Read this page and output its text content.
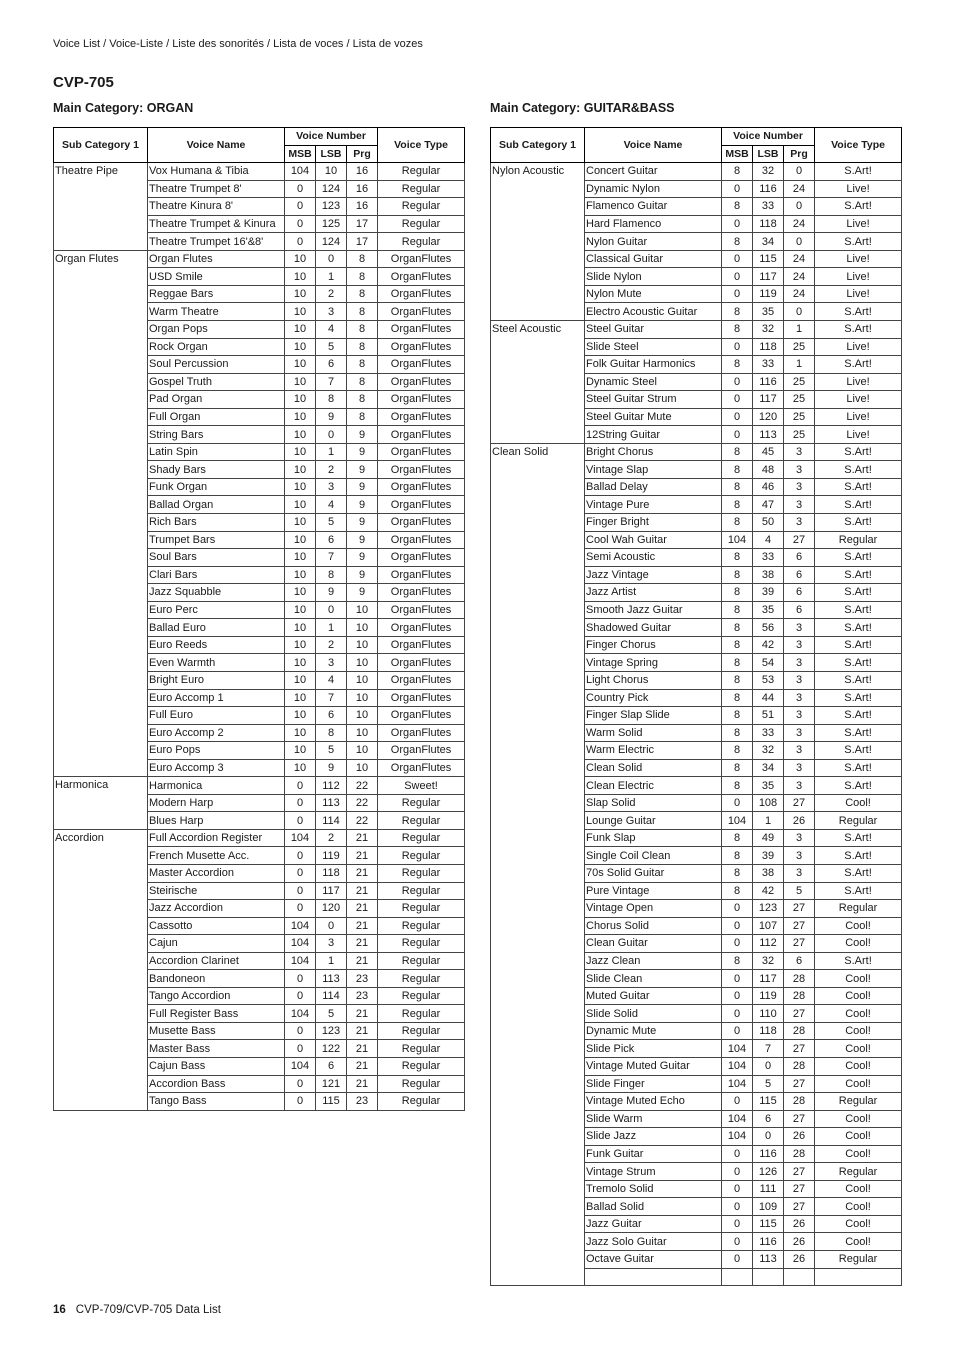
Voice List / Voice-Liste / Liste des sonorités / Lista de voces / Lista de vozes
CVP-705
Main Category: ORGAN	Main Category: GUITAR&BASS
Sub Category 1	Voice Name	Voice Number			Voice Type
		MSB	LSB	Prg	
Theatre Pipe	Vox Humana & Tibia	104	10	16	Regular
	Theatre Trumpet 8'	0	124	16	Regular
	Theatre Kinura 8'	0	123	16	Regular
	Theatre Trumpet & Kinura	0	125	17	Regular
	Theatre Trumpet 16'&8'	0	124	17	Regular
Organ Flutes	Organ Flutes	10	0	8	OrganFlutes
	USD Smile	10	1	8	OrganFlutes
	Reggae Bars	10	2	8	OrganFlutes
	Warm Theatre	10	3	8	OrganFlutes
	Organ Pops	10	4	8	OrganFlutes
	Rock Organ	10	5	8	OrganFlutes
	Soul Percussion	10	6	8	OrganFlutes
	Gospel Truth	10	7	8	OrganFlutes
	Pad Organ	10	8	8	OrganFlutes
	Full Organ	10	9	8	OrganFlutes
	String Bars	10	0	9	OrganFlutes
	Latin Spin	10	1	9	OrganFlutes
	Shady Bars	10	2	9	OrganFlutes
	Funk Organ	10	3	9	OrganFlutes
	Ballad Organ	10	4	9	OrganFlutes
	Rich Bars	10	5	9	OrganFlutes
	Trumpet Bars	10	6	9	OrganFlutes
	Soul Bars	10	7	9	OrganFlutes
	Clari Bars	10	8	9	OrganFlutes
	Jazz Squabble	10	9	9	OrganFlutes
	Euro Perc	10	0	10	OrganFlutes
	Ballad Euro	10	1	10	OrganFlutes
	Euro Reeds	10	2	10	OrganFlutes
	Even Warmth	10	3	10	OrganFlutes
	Bright Euro	10	4	10	OrganFlutes
	Euro Accomp 1	10	7	10	OrganFlutes
	Full Euro	10	6	10	OrganFlutes
	Euro Accomp 2	10	8	10	OrganFlutes
	Euro Pops	10	5	10	OrganFlutes
	Euro Accomp 3	10	9	10	OrganFlutes
Harmonica	Harmonica	0	112	22	Sweet!
	Modern Harp	0	113	22	Regular
	Blues Harp	0	114	22	Regular
Accordion	Full Accordion Register	104	2	21	Regular
	French Musette Acc.	0	119	21	Regular
	Master Accordion	0	118	21	Regular
	Steirische	0	117	21	Regular
	Jazz Accordion	0	120	21	Regular
	Cassotto	104	0	21	Regular
	Cajun	104	3	21	Regular
	Accordion Clarinet	104	1	21	Regular
	Bandoneon	0	113	23	Regular
	Tango Accordion	0	114	23	Regular
	Full Register Bass	104	5	21	Regular
	Musette Bass	0	123	21	Regular
	Master Bass	0	122	21	Regular
	Cajun Bass	104	6	21	Regular
	Accordion Bass	0	121	21	Regular
	Tango Bass	0	115	23	Regular
Sub Category 1	Voice Name	Voice Number			Voice Type
		MSB	LSB	Prg	
Nylon Acoustic	Concert Guitar	8	32	0	S.Art!
	Dynamic Nylon	0	116	24	Live!
	Flamenco Guitar	8	33	0	S.Art!
	Hard Flamenco	0	118	24	Live!
	Nylon Guitar	8	34	0	S.Art!
	Classical Guitar	0	115	24	Live!
	Slide Nylon	0	117	24	Live!
	Nylon Mute	0	119	24	Live!
	Electro Acoustic Guitar	8	35	0	S.Art!
Steel Acoustic	Steel Guitar	8	32	1	S.Art!
	Slide Steel	0	118	25	Live!
	Folk Guitar Harmonics	8	33	1	S.Art!
	Dynamic Steel	0	116	25	Live!
	Steel Guitar Strum	0	117	25	Live!
	Steel Guitar Mute	0	120	25	Live!
	12String Guitar	0	113	25	Live!
Clean Solid	Bright Chorus	8	45	3	S.Art!
	Vintage Slap	8	48	3	S.Art!
	Ballad Delay	8	46	3	S.Art!
	Vintage Pure	8	47	3	S.Art!
	Finger Bright	8	50	3	S.Art!
	Cool Wah Guitar	104	4	27	Regular
	Semi Acoustic	8	33	6	S.Art!
	Jazz Vintage	8	38	6	S.Art!
	Jazz Artist	8	39	6	S.Art!
	Smooth Jazz Guitar	8	35	6	S.Art!
	Shadowed Guitar	8	56	3	S.Art!
	Finger Chorus	8	42	3	S.Art!
	Vintage Spring	8	54	3	S.Art!
	Light Chorus	8	53	3	S.Art!
	Country Pick	8	44	3	S.Art!
	Finger Slap Slide	8	51	3	S.Art!
	Warm Solid	8	33	3	S.Art!
	Warm Electric	8	32	3	S.Art!
	Clean Solid	8	34	3	S.Art!
	Clean Electric	8	35	3	S.Art!
	Slap Solid	0	108	27	Cool!
	Lounge Guitar	104	1	26	Regular
	Funk Slap	8	49	3	S.Art!
	Single Coil Clean	8	39	3	S.Art!
	70s Solid Guitar	8	38	3	S.Art!
	Pure Vintage	8	42	5	S.Art!
	Vintage Open	0	123	27	Regular
	Chorus Solid	0	107	27	Cool!
	Clean Guitar	0	112	27	Cool!
	Jazz Clean	8	32	6	S.Art!
	Slide Clean	0	117	28	Cool!
	Muted Guitar	0	119	28	Cool!
	Slide Solid	0	110	27	Cool!
	Dynamic Mute	0	118	28	Cool!
	Slide Pick	104	7	27	Cool!
	Vintage Muted Guitar	104	0	28	Cool!
	Slide Finger	104	5	27	Cool!
	Vintage Muted Echo	0	115	28	Regular
	Slide Warm	104	6	27	Cool!
	Slide Jazz	104	0	26	Cool!
	Funk Guitar	0	116	28	Cool!
	Vintage Strum	0	126	27	Regular
	Tremolo Solid	0	111	27	Cool!
	Ballad Solid	0	109	27	Cool!
	Jazz Guitar	0	115	26	Cool!
	Jazz Solo Guitar	0	116	26	Cool!
	Octave Guitar	0	113	26	Regular

16 CVP-709/CVP-705 Data List
